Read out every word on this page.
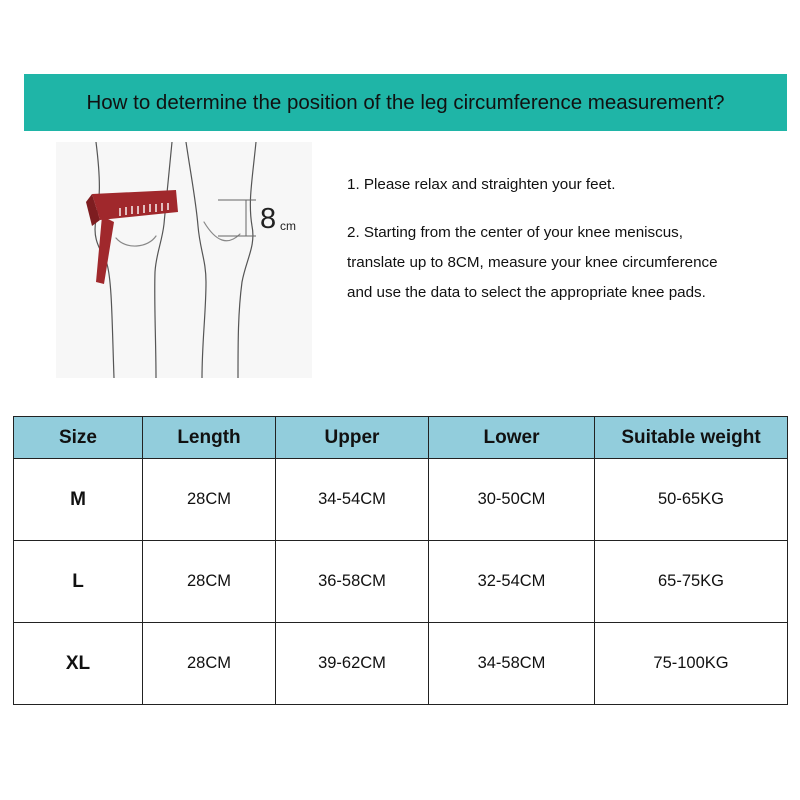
How to determine the position of the leg circumference measurement?
8 cm

1. Please relax and straighten your feet.

2. Starting from the center of your knee meniscus,

translate up to 8CM, measure your knee circumference

and use the data to select the appropriate knee pads.

Size	Length	Upper	Lower	Suitable weight
M	28CM	34-54CM	30-50CM	50-65KG
L	28CM	36-58CM	32-54CM	65-75KG
XL	28CM	39-62CM	34-58CM	75-100KG
